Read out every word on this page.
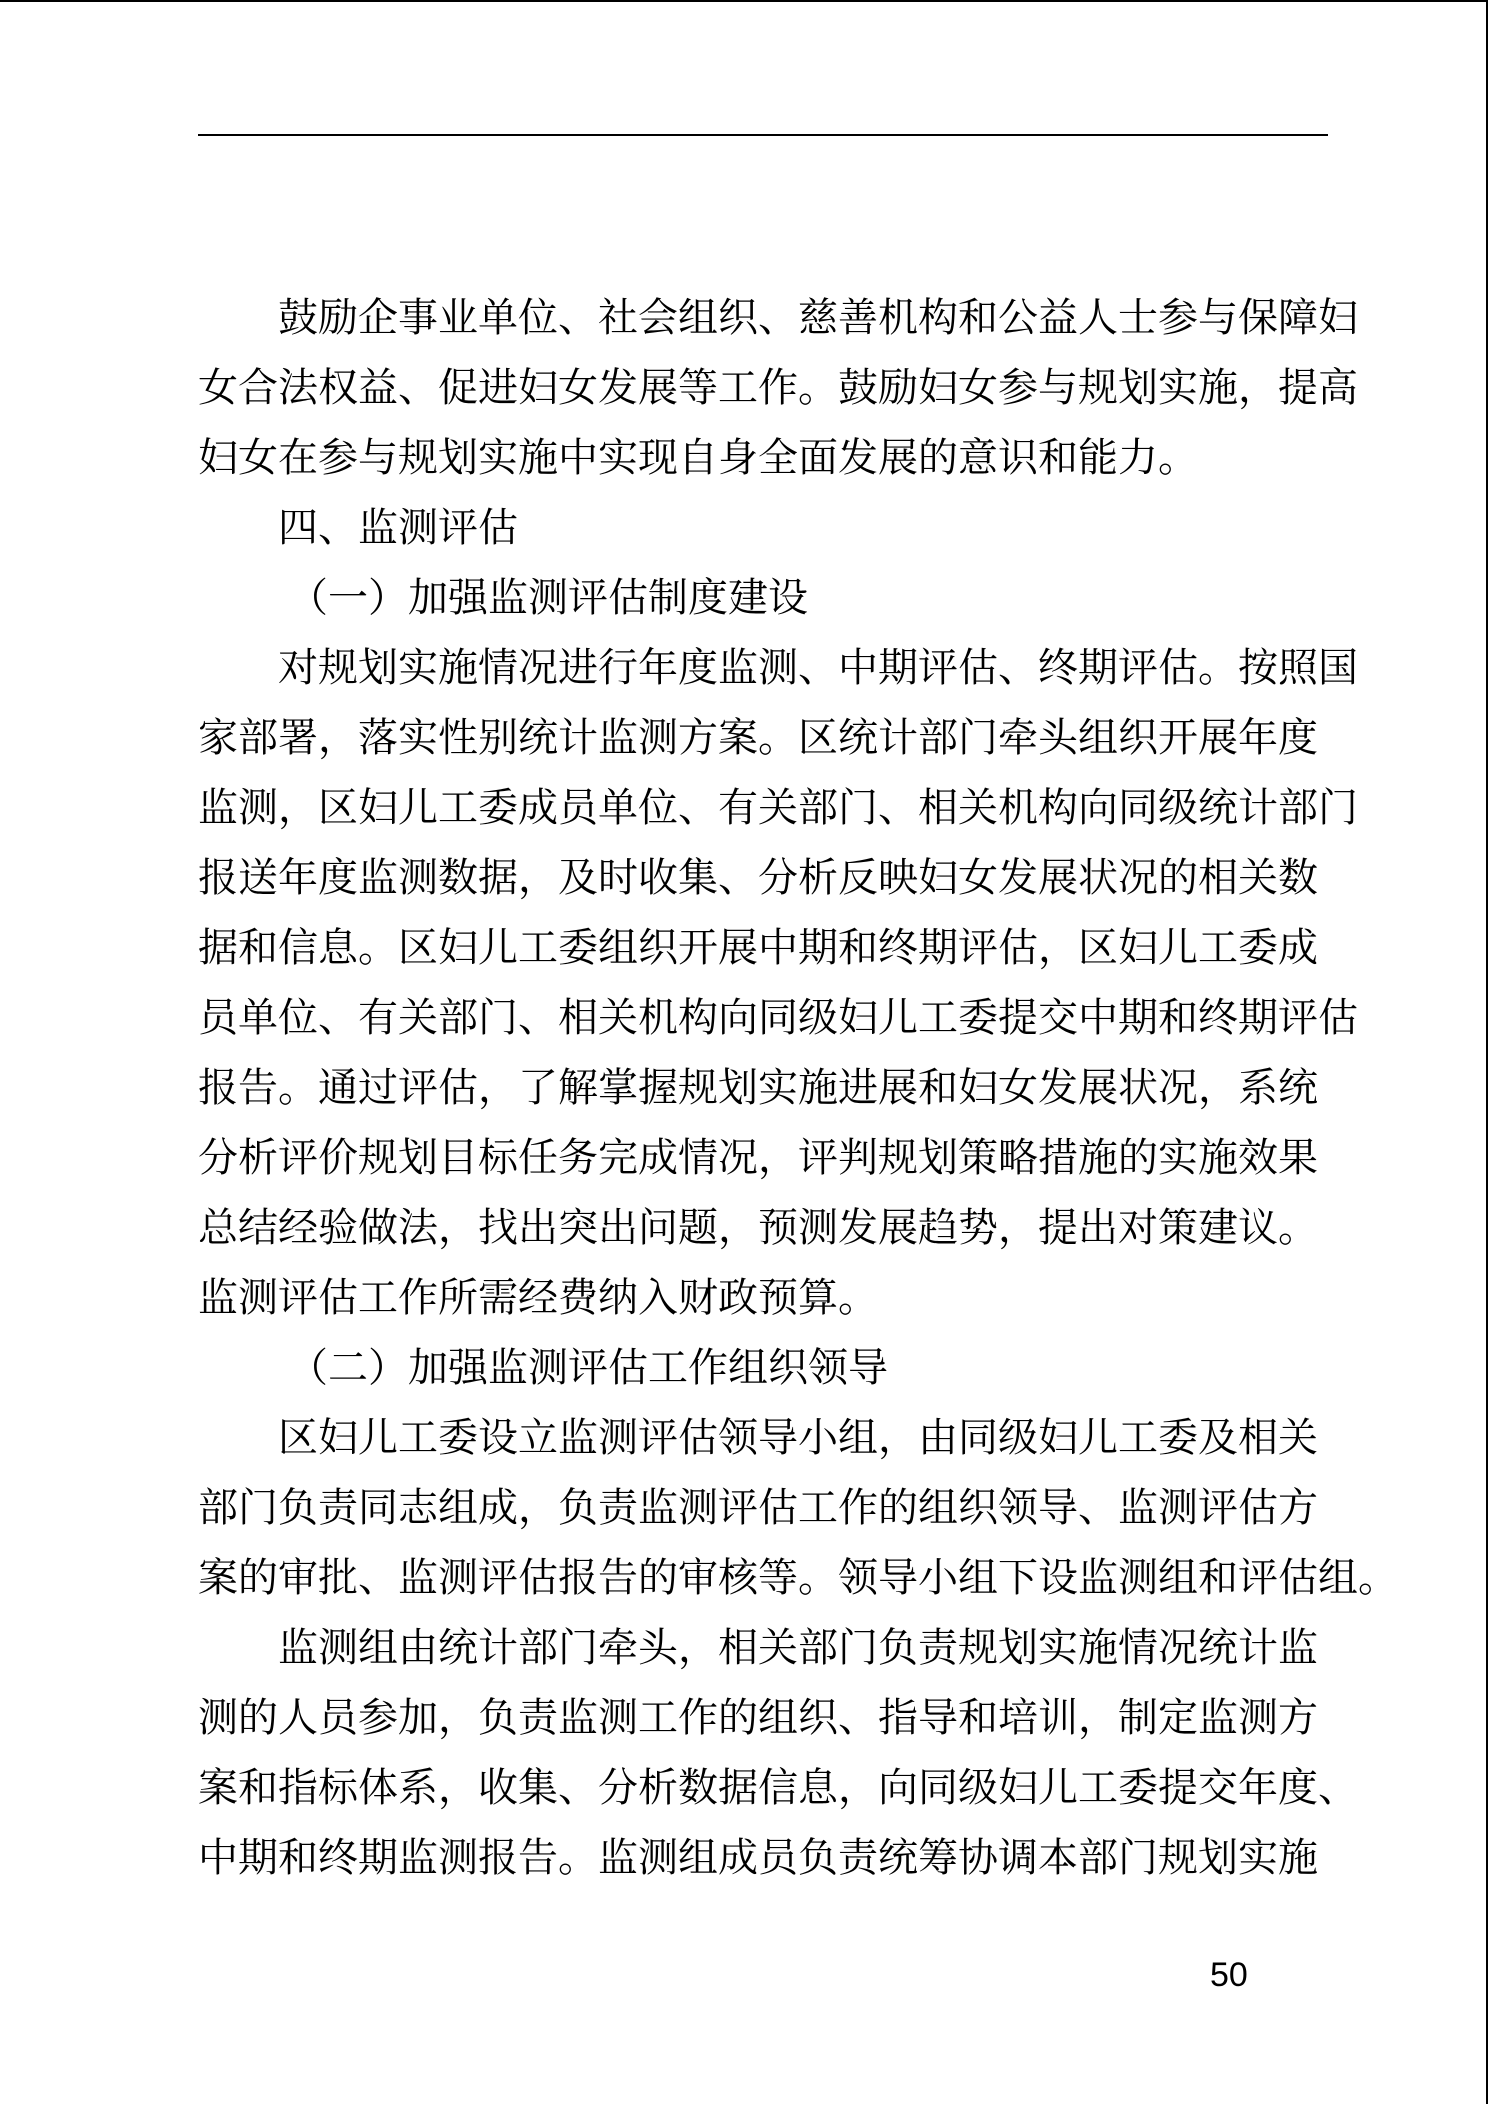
鼓励企事业单位、社会组织、慈善机构和公益人士参与保障妇
女合法权益、促进妇女发展等工作。鼓励妇女参与规划实施，提高
妇女在参与规划实施中实现自身全面发展的意识和能力。
四、监测评估
（一）加强监测评估制度建设
对规划实施情况进行年度监测、中期评估、终期评估。按照国
家部署，落实性别统计监测方案。区统计部门牵头组织开展年度
监测，区妇儿工委成员单位、有关部门、相关机构向同级统计部门
报送年度监测数据，及时收集、分析反映妇女发展状况的相关数
据和信息。区妇儿工委组织开展中期和终期评估，区妇儿工委成
员单位、有关部门、相关机构向同级妇儿工委提交中期和终期评估
报告。通过评估，了解掌握规划实施进展和妇女发展状况，系统
分析评价规划目标任务完成情况，评判规划策略措施的实施效果
总结经验做法，找出突出问题，预测发展趋势，提出对策建议。
监测评估工作所需经费纳入财政预算。
（二）加强监测评估工作组织领导
区妇儿工委设立监测评估领导小组，由同级妇儿工委及相关
部门负责同志组成，负责监测评估工作的组织领导、监测评估方
案的审批、监测评估报告的审核等。领导小组下设监测组和评估组。
监测组由统计部门牵头，相关部门负责规划实施情况统计监
测的人员参加，负责监测工作的组织、指导和培训，制定监测方
案和指标体系，收集、分析数据信息，向同级妇儿工委提交年度、
中期和终期监测报告。监测组成员负责统筹协调本部门规划实施
50
